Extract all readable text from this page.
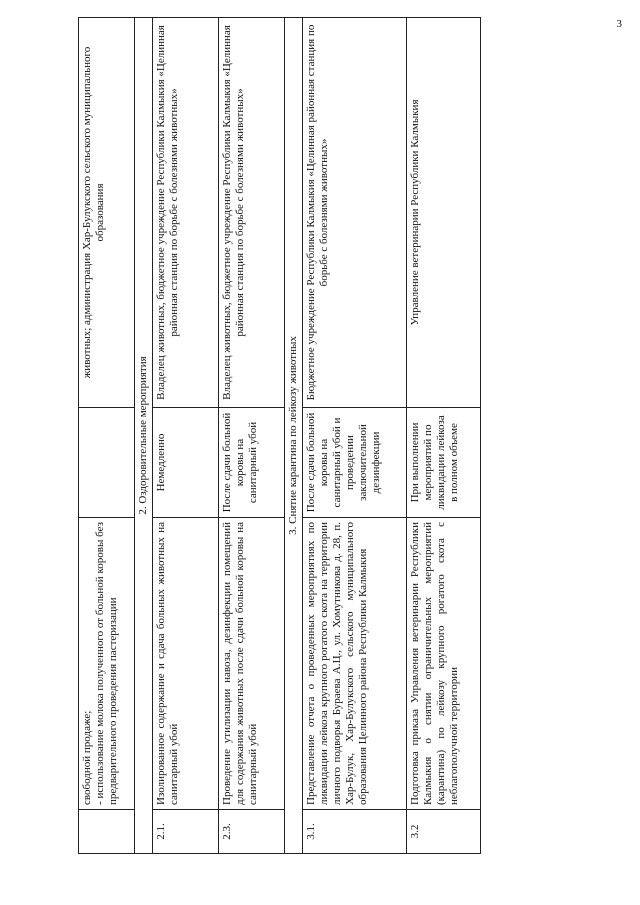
3

	свободной продаже; - использование молока полученного от больной коровы без предварительного проведения пастеризации		животных; администрация Хар-Булукского сельского муниципального образования
2. Оздоровительные мероприятия			
2.1.	Изолированное содержание и сдача больных животных на санитарный убой	Немедленно	Владелец животных, бюджетное учреждение Республики Калмыкия «Целинная районная станция по борьбе с болезнями животных»
2.3.	Проведение утилизации навоза, дезинфекции помещений для содержания животных после сдачи больной коровы на санитарный убой	После сдачи больной коровы на санитарный убой	Владелец животных, бюджетное учреждение Республики Калмыкия «Целинная районная станция по борьбе с болезнями животных»
3. Снятие карантина по лейкозу животных			
3.1.	Представление отчета о проведенных мероприятиях по ликвидации лейкоза крупного рогатого скота на территории личного подворья Бураева А.Ц., ул. Хомутникова д. 28, п. Хар-Булук, Хар-Булукского сельского муниципального образования Целинного района Республики Калмыкия	После сдачи больной коровы на санитарный убой и проведении заключительной дезинфекции	Бюджетное учреждение Республики Калмыкия «Целинная районная станция по борьбе с болезнями животных»
3.2	Подготовка приказа Управления ветеринарии Республики Калмыкия о снятии ограничительных мероприятий (карантина) по лейкозу крупного рогатого скота с неблагополучной территории	При выполнении мероприятий по ликвидации лейкоза в полном объеме	Управление ветеринарии Республики Калмыкия
